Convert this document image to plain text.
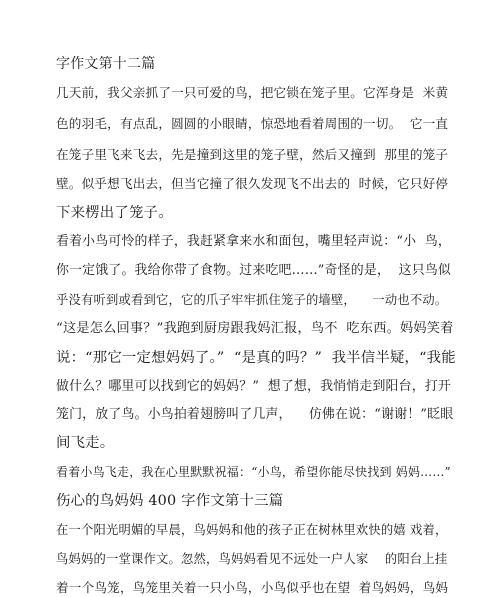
字作文第十二篇
几天前，我父亲抓了一只可爱的鸟，把它锁在笼子里。它浑身是  米黄
色的羽毛，有点乱，圆圆的小眼睛，惊恐地看着周围的一切。  它一直
在笼子里飞来飞去，先是撞到这里的笼子壁，然后又撞到  那里的笼子
壁。似乎想飞出去，但当它撞了很久发现飞不出去的  时候，它只好停
下来楞出了笼子。
看着小鸟可怜的样子，我赶紧拿来水和面包，嘴里轻声说：“小  鸟，
你一定饿了。我给你带了食物。过来吃吧……”奇怪的是，  这只鸟似
乎没有听到或看到它，它的爪子牢牢抓住笼子的墙壁，    一动也不动。
“这是怎么回事？”我跑到厨房跟我妈汇报，鸟不  吃东西。妈妈笑着
说：“那它一定想妈妈了。”  “是真的吗？”  我半信半疑，“我能
做什么？哪里可以找到它的妈妈？”  想了想，我悄悄走到阳台，打开
笼门，放了鸟。小鸟拍着翅膀叫了几声，    仿佛在说：“谢谢！”眨眼
间飞走。
看着小鸟飞走，我在心里默默祝福：“小鸟，希望你能尽快找到 妈妈……”
伤心的鸟妈妈 400 字作文第十三篇
在一个阳光明媚的早晨，鸟妈妈和他的孩子正在树林里欢快的嬉 戏着，
鸟妈妈的一堂课作文。忽然，鸟妈妈看见不远处一户人家    的阳台上挂
着一个鸟笼，鸟笼里关着一只小鸟，小鸟似乎也在望  着鸟妈妈，鸟妈
